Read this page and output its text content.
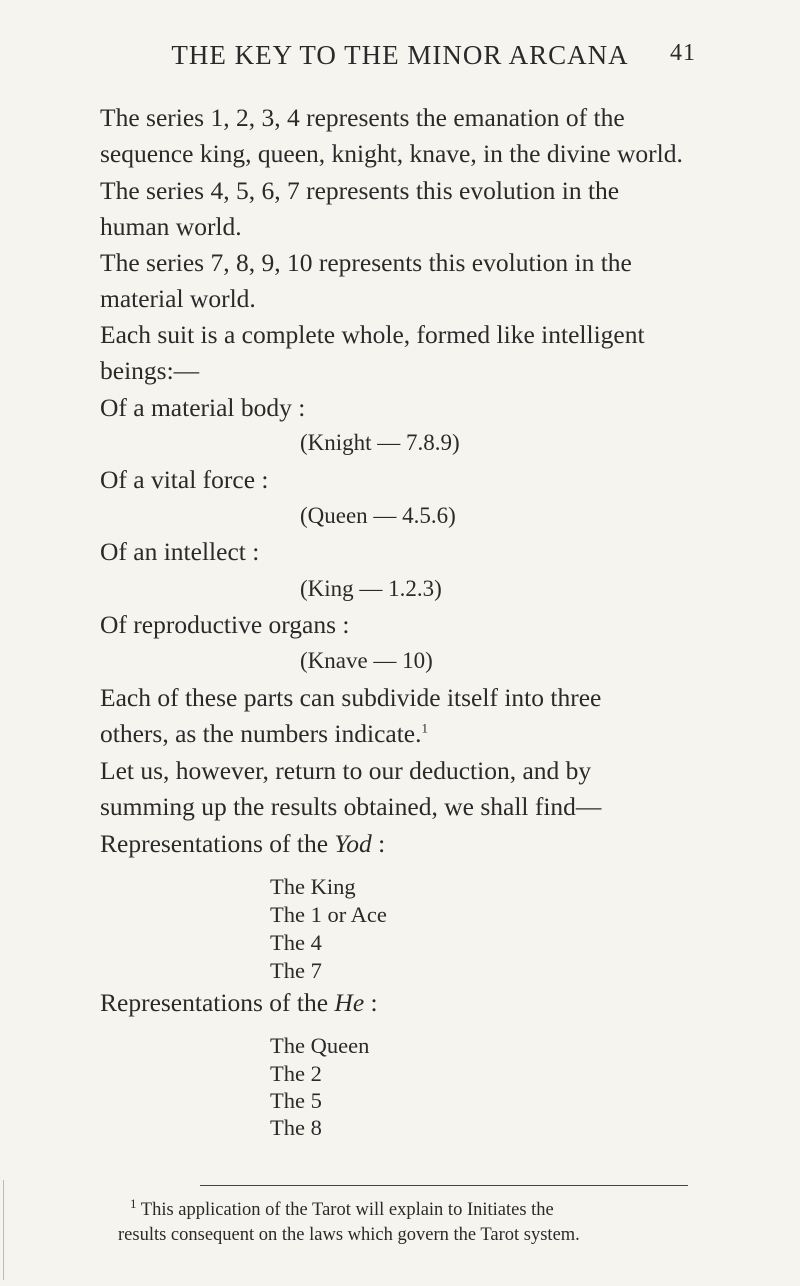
THE KEY TO THE MINOR ARCANA 41
The series 1, 2, 3, 4 represents the emanation of the
sequence king, queen, knight, knave, in the divine world.
The series 4, 5, 6, 7 represents this evolution in the
human world.
The series 7, 8, 9, 10 represents this evolution in the
material world.
Each suit is a complete whole, formed like intelligent
beings:—
Of a material body :
(Knight — 7.8.9)
Of a vital force :
(Queen — 4.5.6)
Of an intellect :
(King — 1.2.3)
Of reproductive organs :
(Knave — 10)
Each of these parts can subdivide itself into three
others, as the numbers indicate.$^1$
Let us, however, return to our deduction, and by
summing up the results obtained, we shall find—
Representations of the Yod :
The King
The 1 or Ace
The 4
The 7
Representations of the He :
The Queen
The 2
The 5
The 8
$^1$ This application of the Tarot will explain to Initiates the
results consequent on the laws which govern the Tarot system.
